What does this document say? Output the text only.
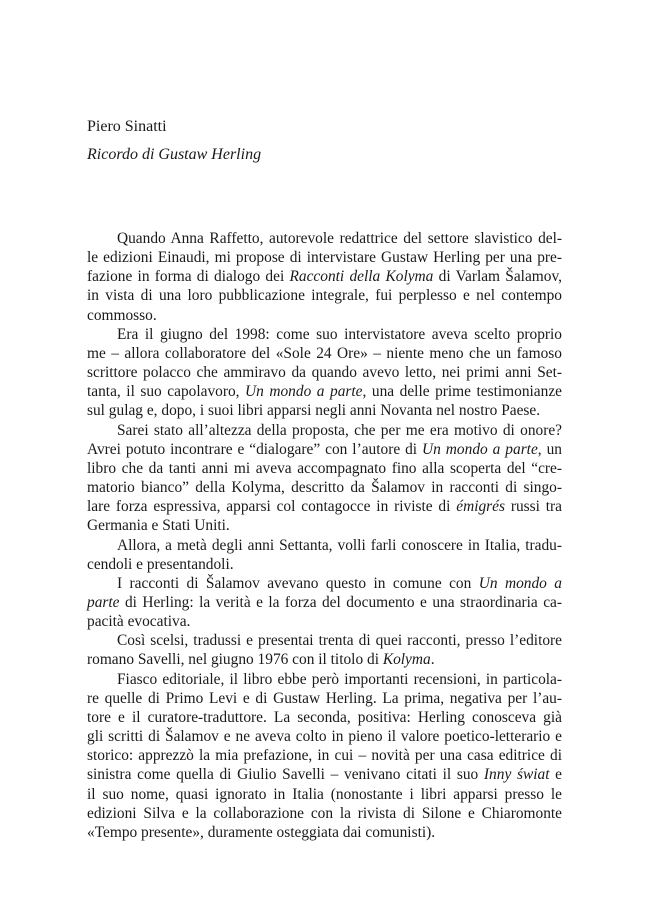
Piero Sinatti

Ricordo di Gustaw Herling

Quando Anna Raffetto, autorevole redattrice del settore slavistico del-
le edizioni Einaudi, mi propose di intervistare Gustaw Herling per una pre-
fazione in forma di dialogo dei Racconti della Kolyma di Varlam Šalamov,
in vista di una loro pubblicazione integrale, fui perplesso e nel contempo
commosso.
Era il giugno del 1998: come suo intervistatore aveva scelto proprio
me – allora collaboratore del «Sole 24 Ore» – niente meno che un famoso
scrittore polacco che ammiravo da quando avevo letto, nei primi anni Set-
tanta, il suo capolavoro, Un mondo a parte, una delle prime testimonianze
sul gulag e, dopo, i suoi libri apparsi negli anni Novanta nel nostro Paese.
Sarei stato all’altezza della proposta, che per me era motivo di onore?
Avrei potuto incontrare e “dialogare” con l’autore di Un mondo a parte, un
libro che da tanti anni mi aveva accompagnato fino alla scoperta del “cre-
matorio bianco” della Kolyma, descritto da Šalamov in racconti di singo-
lare forza espressiva, apparsi col contagocce in riviste di émigrés russi tra
Germania e Stati Uniti.
Allora, a metà degli anni Settanta, volli farli conoscere in Italia, tradu-
cendoli e presentandoli.
I racconti di Šalamov avevano questo in comune con Un mondo a
parte di Herling: la verità e la forza del documento e una straordinaria ca-
pacità evocativa.
Così scelsi, tradussi e presentai trenta di quei racconti, presso l’editore
romano Savelli, nel giugno 1976 con il titolo di Kolyma.
Fiasco editoriale, il libro ebbe però importanti recensioni, in particola-
re quelle di Primo Levi e di Gustaw Herling. La prima, negativa per l’au-
tore e il curatore-traduttore. La seconda, positiva: Herling conosceva già
gli scritti di Šalamov e ne aveva colto in pieno il valore poetico-letterario e
storico: apprezzò la mia prefazione, in cui – novità per una casa editrice di
sinistra come quella di Giulio Savelli – venivano citati il suo Inny świat e
il suo nome, quasi ignorato in Italia (nonostante i libri apparsi presso le
edizioni Silva e la collaborazione con la rivista di Silone e Chiaromonte
«Tempo presente», duramente osteggiata dai comunisti).
